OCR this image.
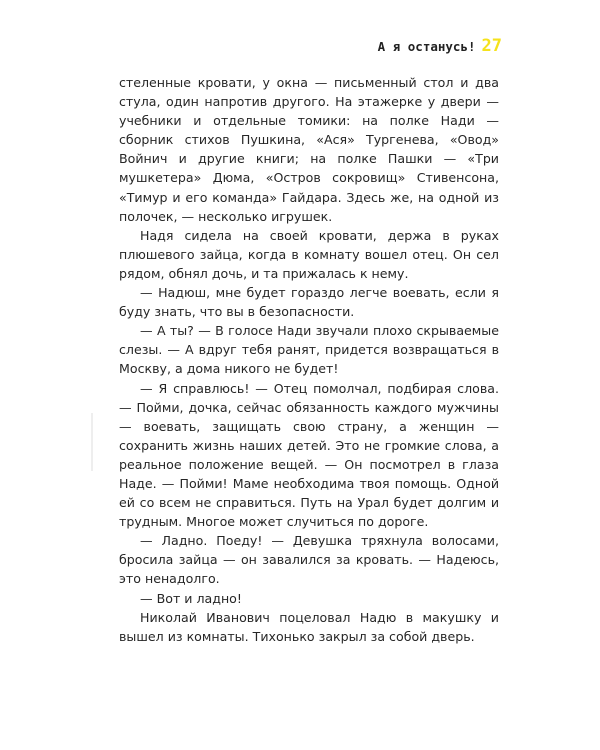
А я останусь! 27

стеленные кровати, у окна — письменный стол и два стула, один напротив другого. На этажерке у двери — учебники и отдельные томики: на полке Нади — сборник стихов Пушкина, «Ася» Тургенева, «Овод» Войнич и другие книги; на полке Пашки — «Три мушкетера» Дюма, «Остров сокровищ» Стивенсона, «Тимур и его команда» Гайдара. Здесь же, на одной из полочек, — несколько игрушек.

Надя сидела на своей кровати, держа в руках плюшевого зайца, когда в комнату вошел отец. Он сел рядом, обнял дочь, и та прижалась к нему.

— Надюш, мне будет гораздо легче воевать, если я буду знать, что вы в безопасности.

— А ты? — В голосе Нади звучали плохо скрываемые слезы. — А вдруг тебя ранят, придется возвращаться в Москву, а дома никого не будет!

— Я справлюсь! — Отец помолчал, подбирая слова. — Пойми, дочка, сейчас обязанность каждого мужчины — воевать, защищать свою страну, а женщин — сохранить жизнь наших детей. Это не громкие слова, а реальное положение вещей. — Он посмотрел в глаза Наде. — Пойми! Маме необходима твоя помощь. Одной ей со всем не справиться. Путь на Урал будет долгим и трудным. Многое может случиться по дороге.

— Ладно. Поеду! — Девушка тряхнула волосами, бросила зайца — он завалился за кровать. — Надеюсь, это ненадолго.

— Вот и ладно!

Николай Иванович поцеловал Надю в макушку и вышел из комнаты. Тихонько закрыл за собой дверь.
